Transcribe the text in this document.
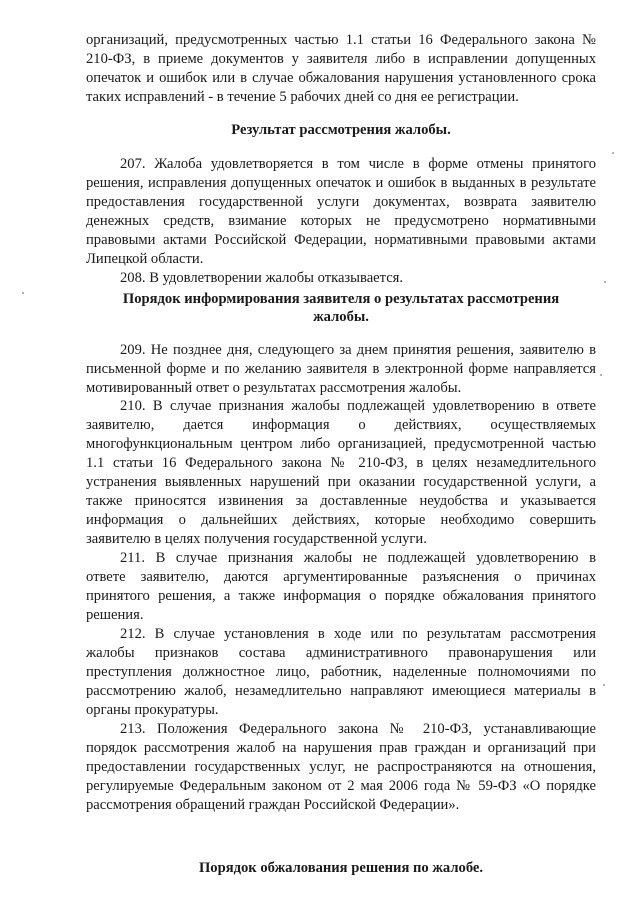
организаций, предусмотренных частью 1.1 статьи 16 Федерального закона №
210-ФЗ, в приеме документов у заявителя либо в исправлении допущенных
опечаток и ошибок или в случае обжалования нарушения установленного срока
таких исправлений - в течение 5 рабочих дней со дня ее регистрации.
Результат рассмотрения жалобы.
207. Жалоба удовлетворяется в том числе в форме отмены принятого
решения, исправления допущенных опечаток и ошибок в выданных в результате
предоставления государственной услуги документах, возврата заявителю
денежных средств, взимание которых не предусмотрено нормативными
правовыми актами Российской Федерации, нормативными правовыми актами
Липецкой области.
208. В удовлетворении жалобы отказывается.
Порядок информирования заявителя о результатах рассмотрения
жалобы.
209. Не позднее дня, следующего за днем принятия решения, заявителю в
письменной форме и по желанию заявителя в электронной форме направляется
мотивированный ответ о результатах рассмотрения жалобы.
210. В случае признания жалобы подлежащей удовлетворению в ответе
заявителю, дается информация о действиях, осуществляемых
многофункциональным центром либо организацией, предусмотренной частью
1.1 статьи 16 Федерального закона № 210-ФЗ, в целях незамедлительного
устранения выявленных нарушений при оказании государственной услуги, а
также приносятся извинения за доставленные неудобства и указывается
информация о дальнейших действиях, которые необходимо совершить
заявителю в целях получения государственной услуги.
211. В случае признания жалобы не подлежащей удовлетворению в
ответе заявителю, даются аргументированные разъяснения о причинах
принятого решения, а также информация о порядке обжалования принятого
решения.
212. В случае установления в ходе или по результатам рассмотрения
жалобы признаков состава административного правонарушения или
преступления должностное лицо, работник, наделенные полномочиями по
рассмотрению жалоб, незамедлительно направляют имеющиеся материалы в
органы прокуратуры.
213. Положения Федерального закона № 210-ФЗ, устанавливающие
порядок рассмотрения жалоб на нарушения прав граждан и организаций при
предоставлении государственных услуг, не распространяются на отношения,
регулируемые Федеральным законом от 2 мая 2006 года № 59-ФЗ «О порядке
рассмотрения обращений граждан Российской Федерации».
Порядок обжалования решения по жалобе.
